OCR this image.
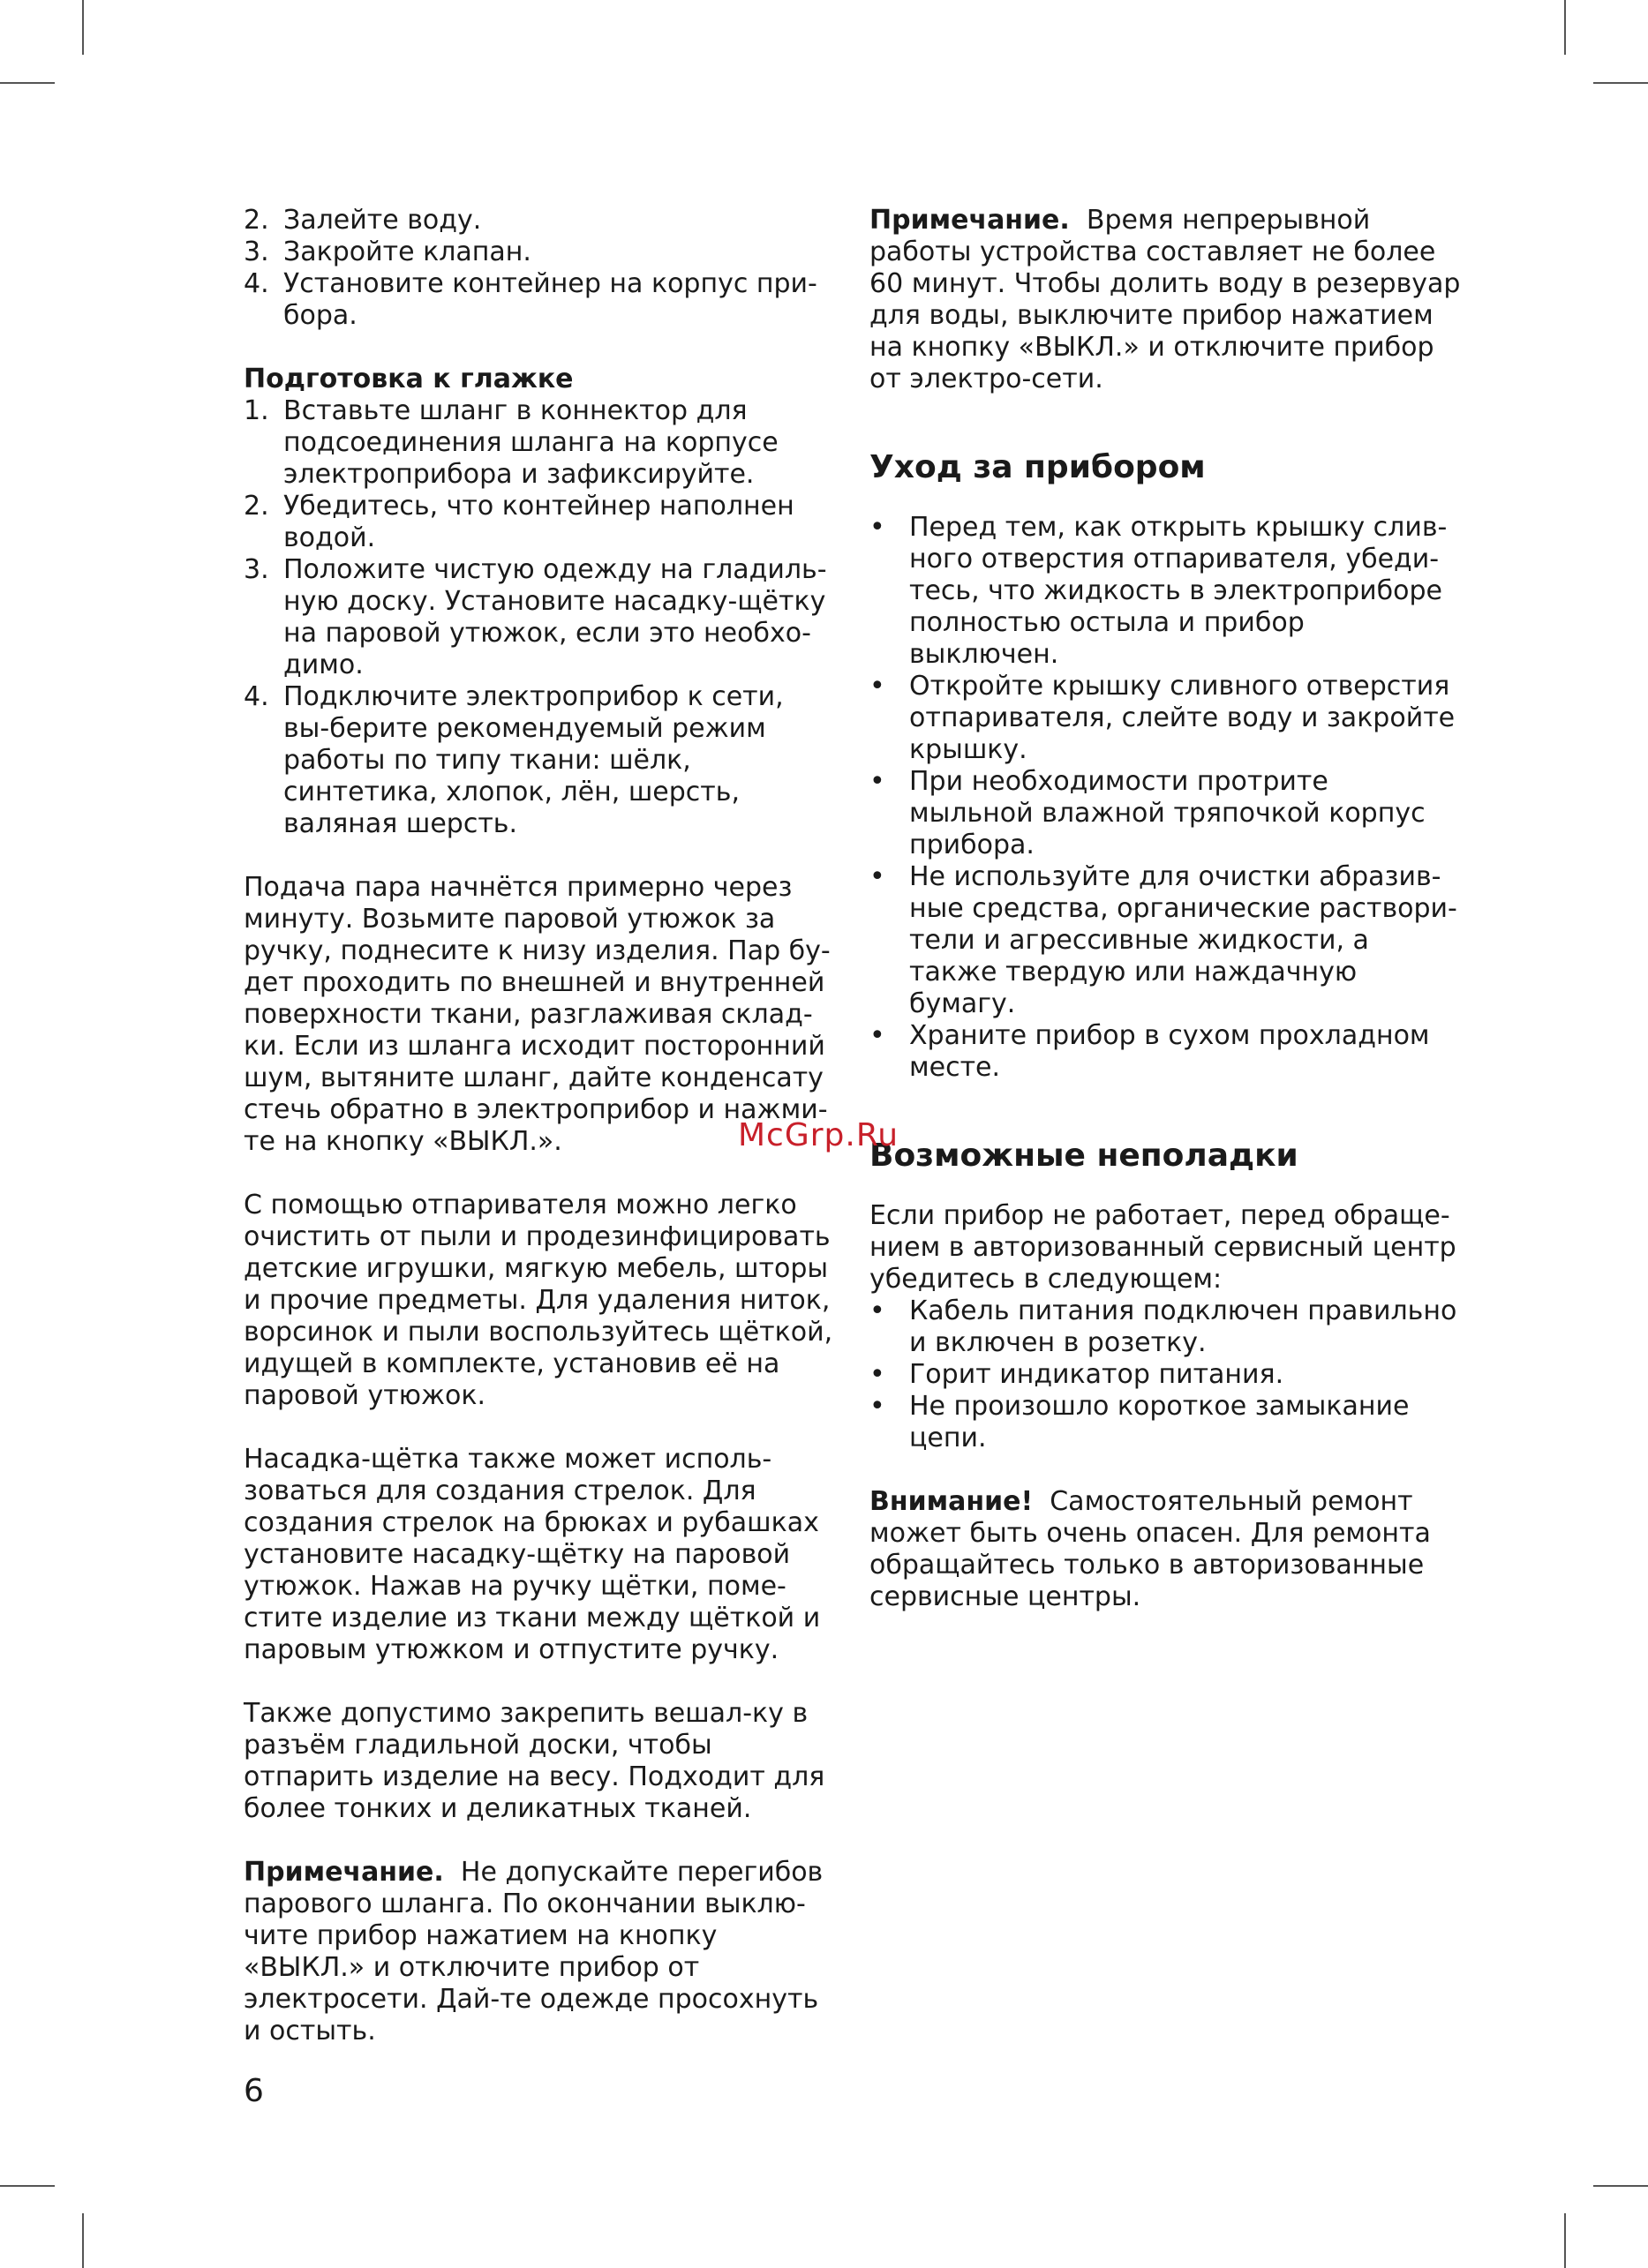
2. Залейте воду.
3. Закройте клапан.
4. Установите контейнер на корпус при-бора.
Подготовка к глажке
1. Вставьте шланг в коннектор для подсоединения шланга на корпусе электроприбора и зафиксируйте.
2. Убедитесь, что контейнер наполнен водой.
3. Положите чистую одежду на гладиль-ную доску. Установите насадку-щётку на паровой утюжок, если это необхо-димо.
4. Подключите электроприбор к сети, вы-берите рекомендуемый режим работы по типу ткани: шёлк, синтетика, хлопок, лён, шерсть, валяная шерсть.

Подача пара начнётся примерно через минуту. Возьмите паровой утюжок за ручку, поднесите к низу изделия. Пар бу-дет проходить по внешней и внутренней поверхности ткани, разглаживая склад-ки. Если из шланга исходит посторонний шум, вытяните шланг, дайте конденсату стечь обратно в электроприбор и нажми-те на кнопку «ВЫКЛ.».

С помощью отпаривателя можно легко очистить от пыли и продезинфицировать детские игрушки, мягкую мебель, шторы и прочие предметы. Для удаления ниток, ворсинок и пыли воспользуйтесь щёткой, идущей в комплекте, установив её на паровой утюжок.

Насадка-щётка также может исполь-зоваться для создания стрелок. Для создания стрелок на брюках и рубашках установите насадку-щётку на паровой утюжок. Нажав на ручку щётки, поме-стите изделие из ткани между щёткой и паровым утюжком и отпустите ручку.

Также допустимо закрепить вешал-ку в разъём гладильной доски, чтобы отпарить изделие на весу. Подходит для более тонких и деликатных тканей.

Примечание. Не допускайте перегибов парового шланга. По окончании выклю-чите прибор нажатием на кнопку «ВЫКЛ.» и отключите прибор от электросети. Дай-те одежде просохнуть и остыть.

Примечание. Время непрерывной работы устройства составляет не более 60 минут. Чтобы долить воду в резервуар для воды, выключите прибор нажатием на кнопку «ВЫКЛ.» и отключите прибор от электро-сети.

Уход за прибором
• Перед тем, как открыть крышку слив-ного отверстия отпаривателя, убеди-тесь, что жидкость в электроприборе полностью остыла и прибор выключен.
• Откройте крышку сливного отверстия отпаривателя, слейте воду и закройте крышку.
• При необходимости протрите мыльной влажной тряпочкой корпус прибора.
• Не используйте для очистки абразив-ные средства, органические раствори-тели и агрессивные жидкости, а также твердую или наждачную бумагу.
• Храните прибор в сухом прохладном месте.
Возможные неполадки

Если прибор не работает, перед обраще-нием в авторизованный сервисный центр убедитесь в следующем:

• Кабель питания подключен правильно и включен в розетку.
• Горит индикатор питания.
• Не произошло короткое замыкание цепи.

Внимание! Самостоятельный ремонт может быть очень опасен. Для ремонта обращайтесь только в авторизованные сервисные центры.

McGrp.Ru
6
